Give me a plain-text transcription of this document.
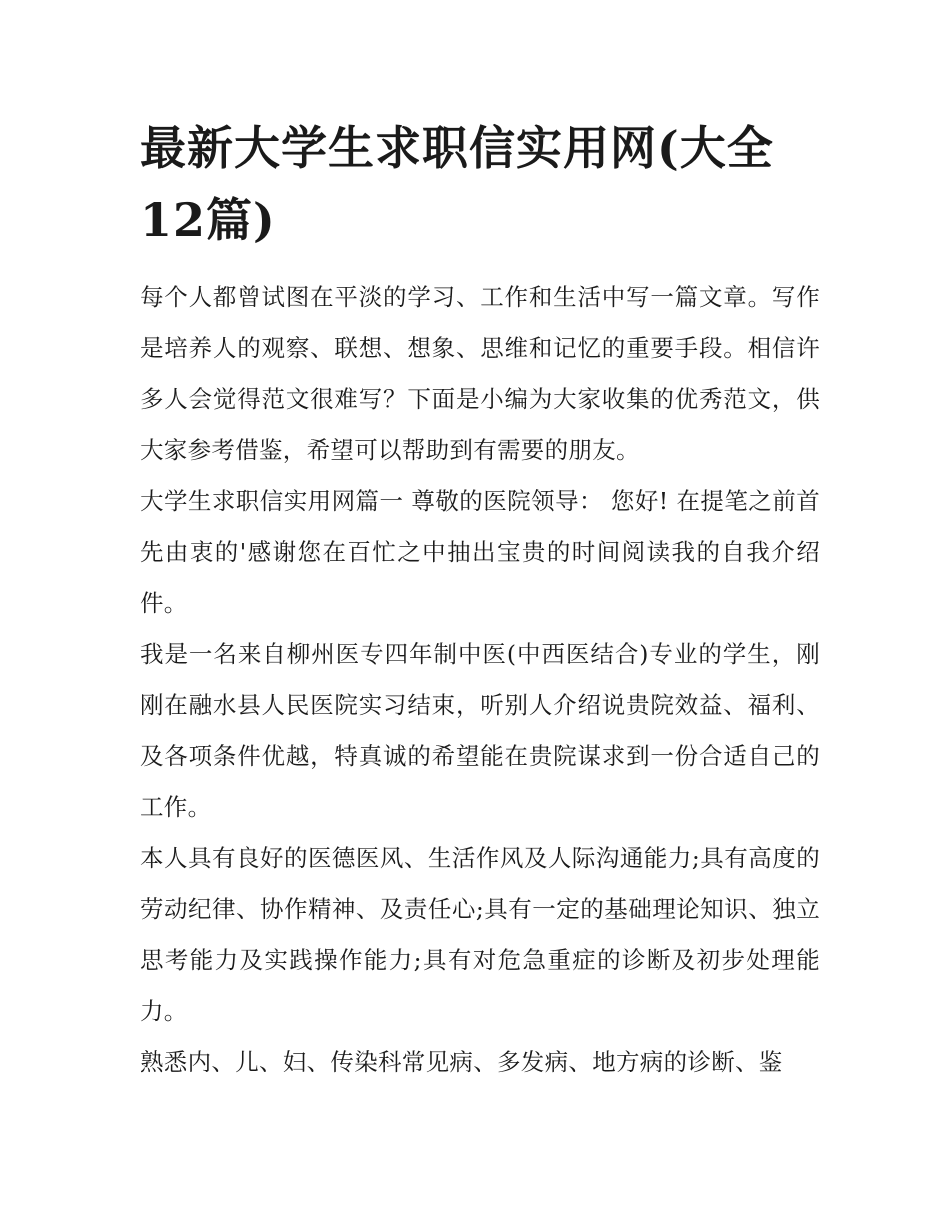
最新大学生求职信实用网(大全12篇)

每个人都曾试图在平淡的学习、工作和生活中写一篇文章。写作是培养人的观察、联想、想象、思维和记忆的重要手段。相信许多人会觉得范文很难写？下面是小编为大家收集的优秀范文，供大家参考借鉴，希望可以帮助到有需要的朋友。

大学生求职信实用网篇一 尊敬的医院领导： 您好! 在提笔之前首先由衷的'感谢您在百忙之中抽出宝贵的时间阅读我的自我介绍件。

我是一名来自柳州医专四年制中医(中西医结合)专业的学生，刚刚在融水县人民医院实习结束，听别人介绍说贵院效益、福利、及各项条件优越，特真诚的希望能在贵院谋求到一份合适自己的工作。

本人具有良好的医德医风、生活作风及人际沟通能力;具有高度的劳动纪律、协作精神、及责任心;具有一定的基础理论知识、独立思考能力及实践操作能力;具有对危急重症的诊断及初步处理能力。

熟悉内、儿、妇、传染科常见病、多发病、地方病的诊断、鉴
